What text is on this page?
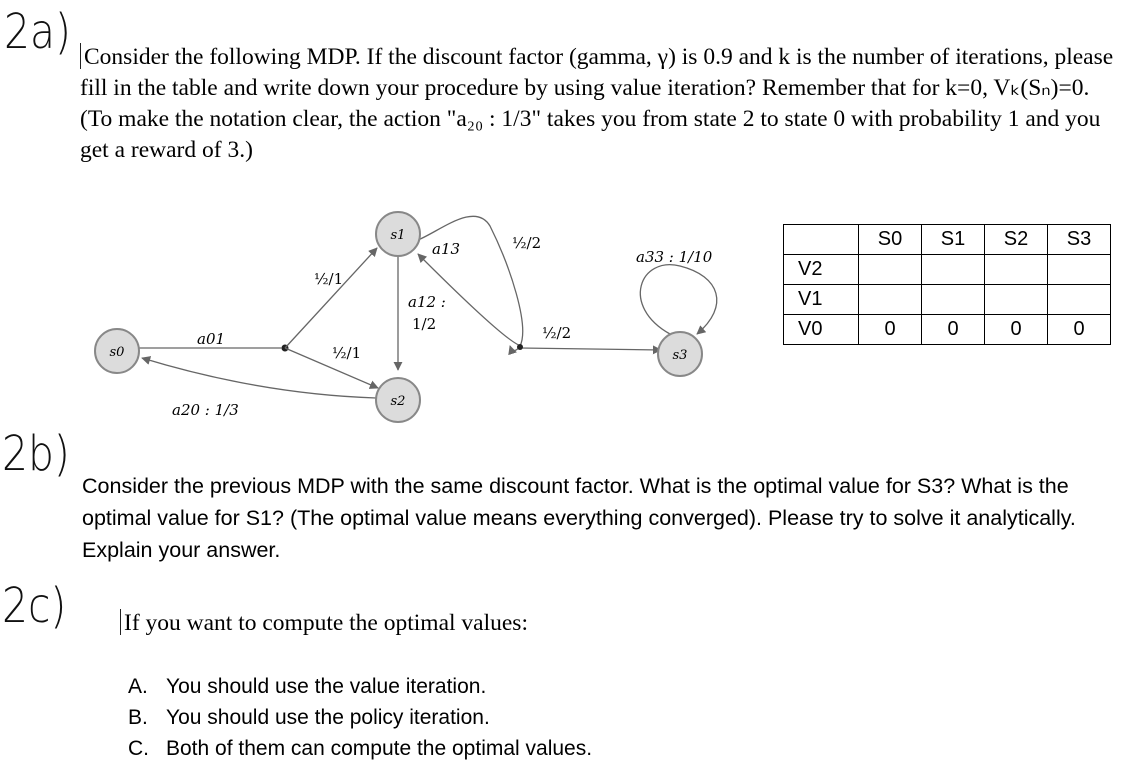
2a)
2b)
2c)
Consider the following MDP. If the discount factor (gamma, γ) is 0.9 and k is the number of iterations, please fill in the table and write down your procedure by using value iteration? Remember that for k=0, Vₖ(Sₙ)=0. (To make the notation clear, the action "a₂₀ : 1/3" takes you from state 2 to state 0 with probability 1 and you get a reward of 3.)
s0
s1
s2
s3
a01
a20 : 1/3
½/1
½/1
a13
a12 :
1/2
½/2
½/2
a33 : 1/10
	S0	S1	S2	S3
V2				
V1				
V0	0	0	0	0
Consider the previous MDP with the same discount factor. What is the optimal value for S3? What is the optimal value for S1? (The optimal value means everything converged). Please try to solve it analytically. Explain your answer.
If you want to compute the optimal values:
A. You should use the value iteration.
B. You should use the policy iteration.
C. Both of them can compute the optimal values.
